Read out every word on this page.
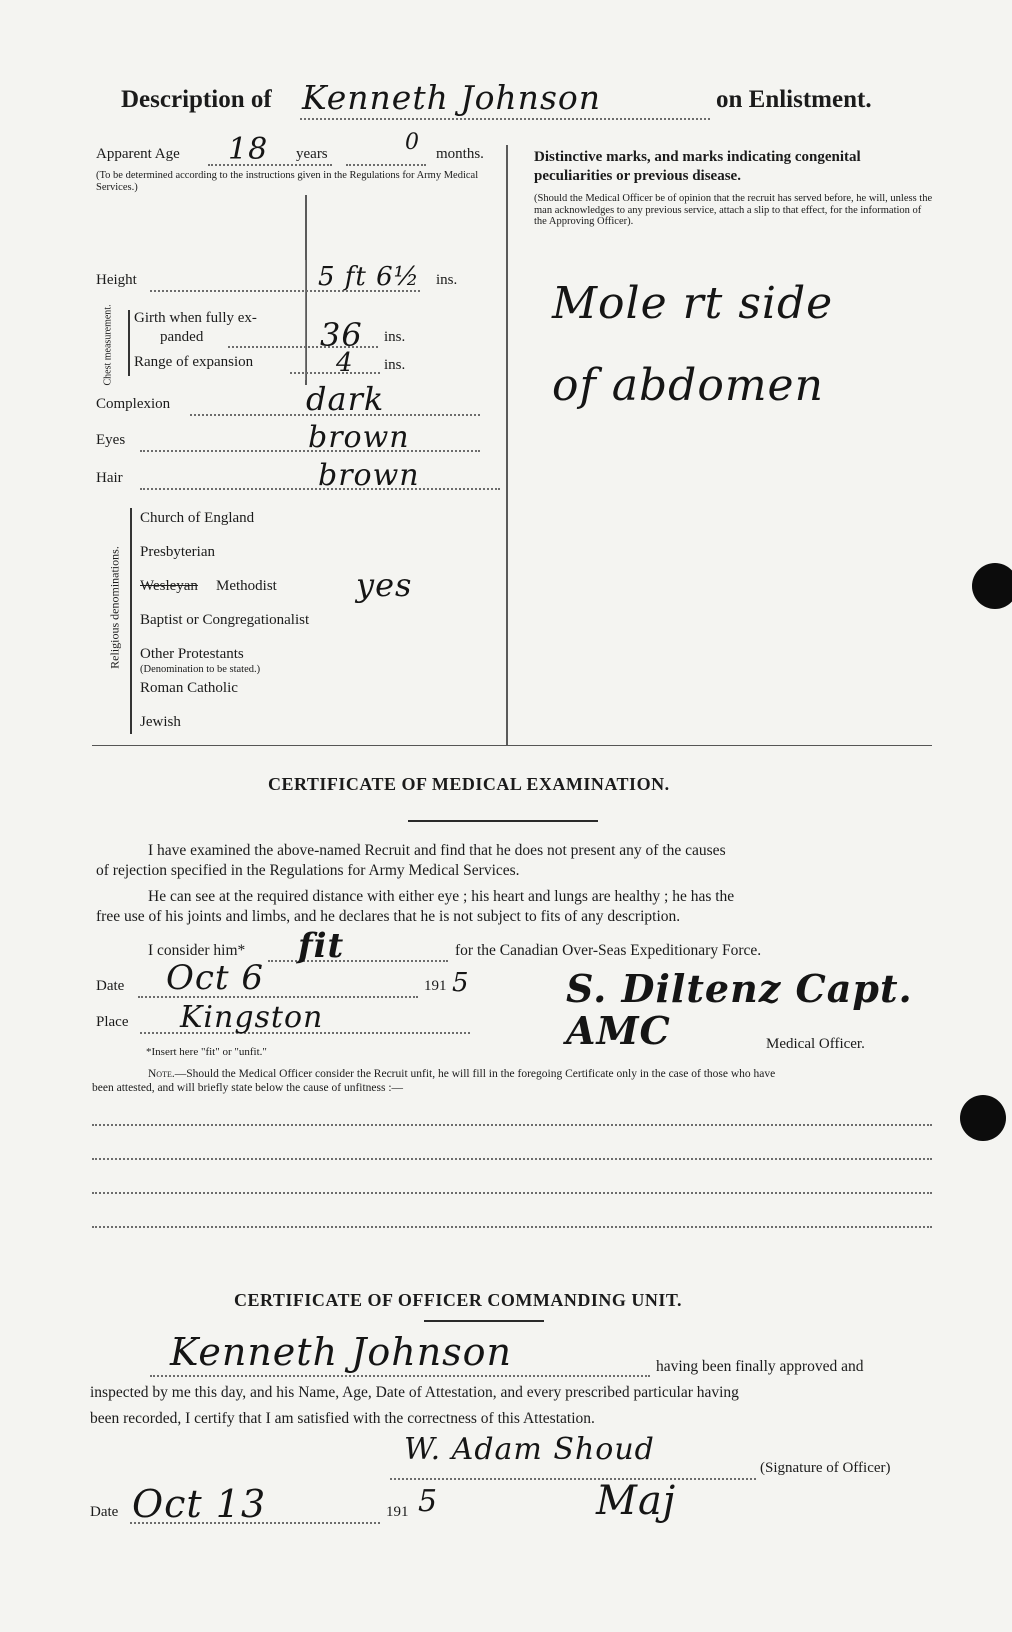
Description of Kenneth Johnson	on Enlistment.
Apparent Age 18 years	0 months.
(To be determined according to the instructions given in the Regulations for Army Medical Services.)
Distinctive marks, and marks indicating congenital peculiarities or previous disease.
(Should the Medical Officer be of opinion that the recruit has served before, he will, unless the man acknowledges to any previous service, attach a slip to that effect, for the information of the Approving Officer).
Mole rt side
of abdomen
Height	5 ft 6½ ins.
Chest measurement. Girth when fully ex-
panded	36 ins.
Range of expansion	4 ins.
Complexion	dark
Eyes	brown
Hair	brown
Religious denominations.
Church of England
Presbyterian
Wesleyan Methodist yes
Baptist or Congregationalist
Other Protestants
(Denomination to be stated.)
Roman Catholic
Jewish
CERTIFICATE OF MEDICAL EXAMINATION.
I have examined the above-named Recruit and find that he does not present any of the causes
of rejection specified in the Regulations for Army Medical Services.
He can see at the required distance with either eye ; his heart and lungs are healthy ; he has the
free use of his joints and limbs, and he declares that he is not subject to fits of any description.
I consider him* fit	for the Canadian Over-Seas Expeditionary Force.
Date Oct 6	191 5
Place Kingston
S. Diltenz Capt. AMC	Medical Officer.
*Insert here "fit" or "unfit."
Note.—Should the Medical Officer consider the Recruit unfit, he will fill in the foregoing Certificate only in the case of those who have
been attested, and will briefly state below the cause of unfitness :—
CERTIFICATE OF OFFICER COMMANDING UNIT.
Kenneth Johnson	having been finally approved and
inspected by me this day, and his Name, Age, Date of Attestation, and every prescribed particular having
been recorded, I certify that I am satisfied with the correctness of this Attestation.
W. Adam Shoud
(Signature of Officer)
Maj
Date Oct 13	191 5
